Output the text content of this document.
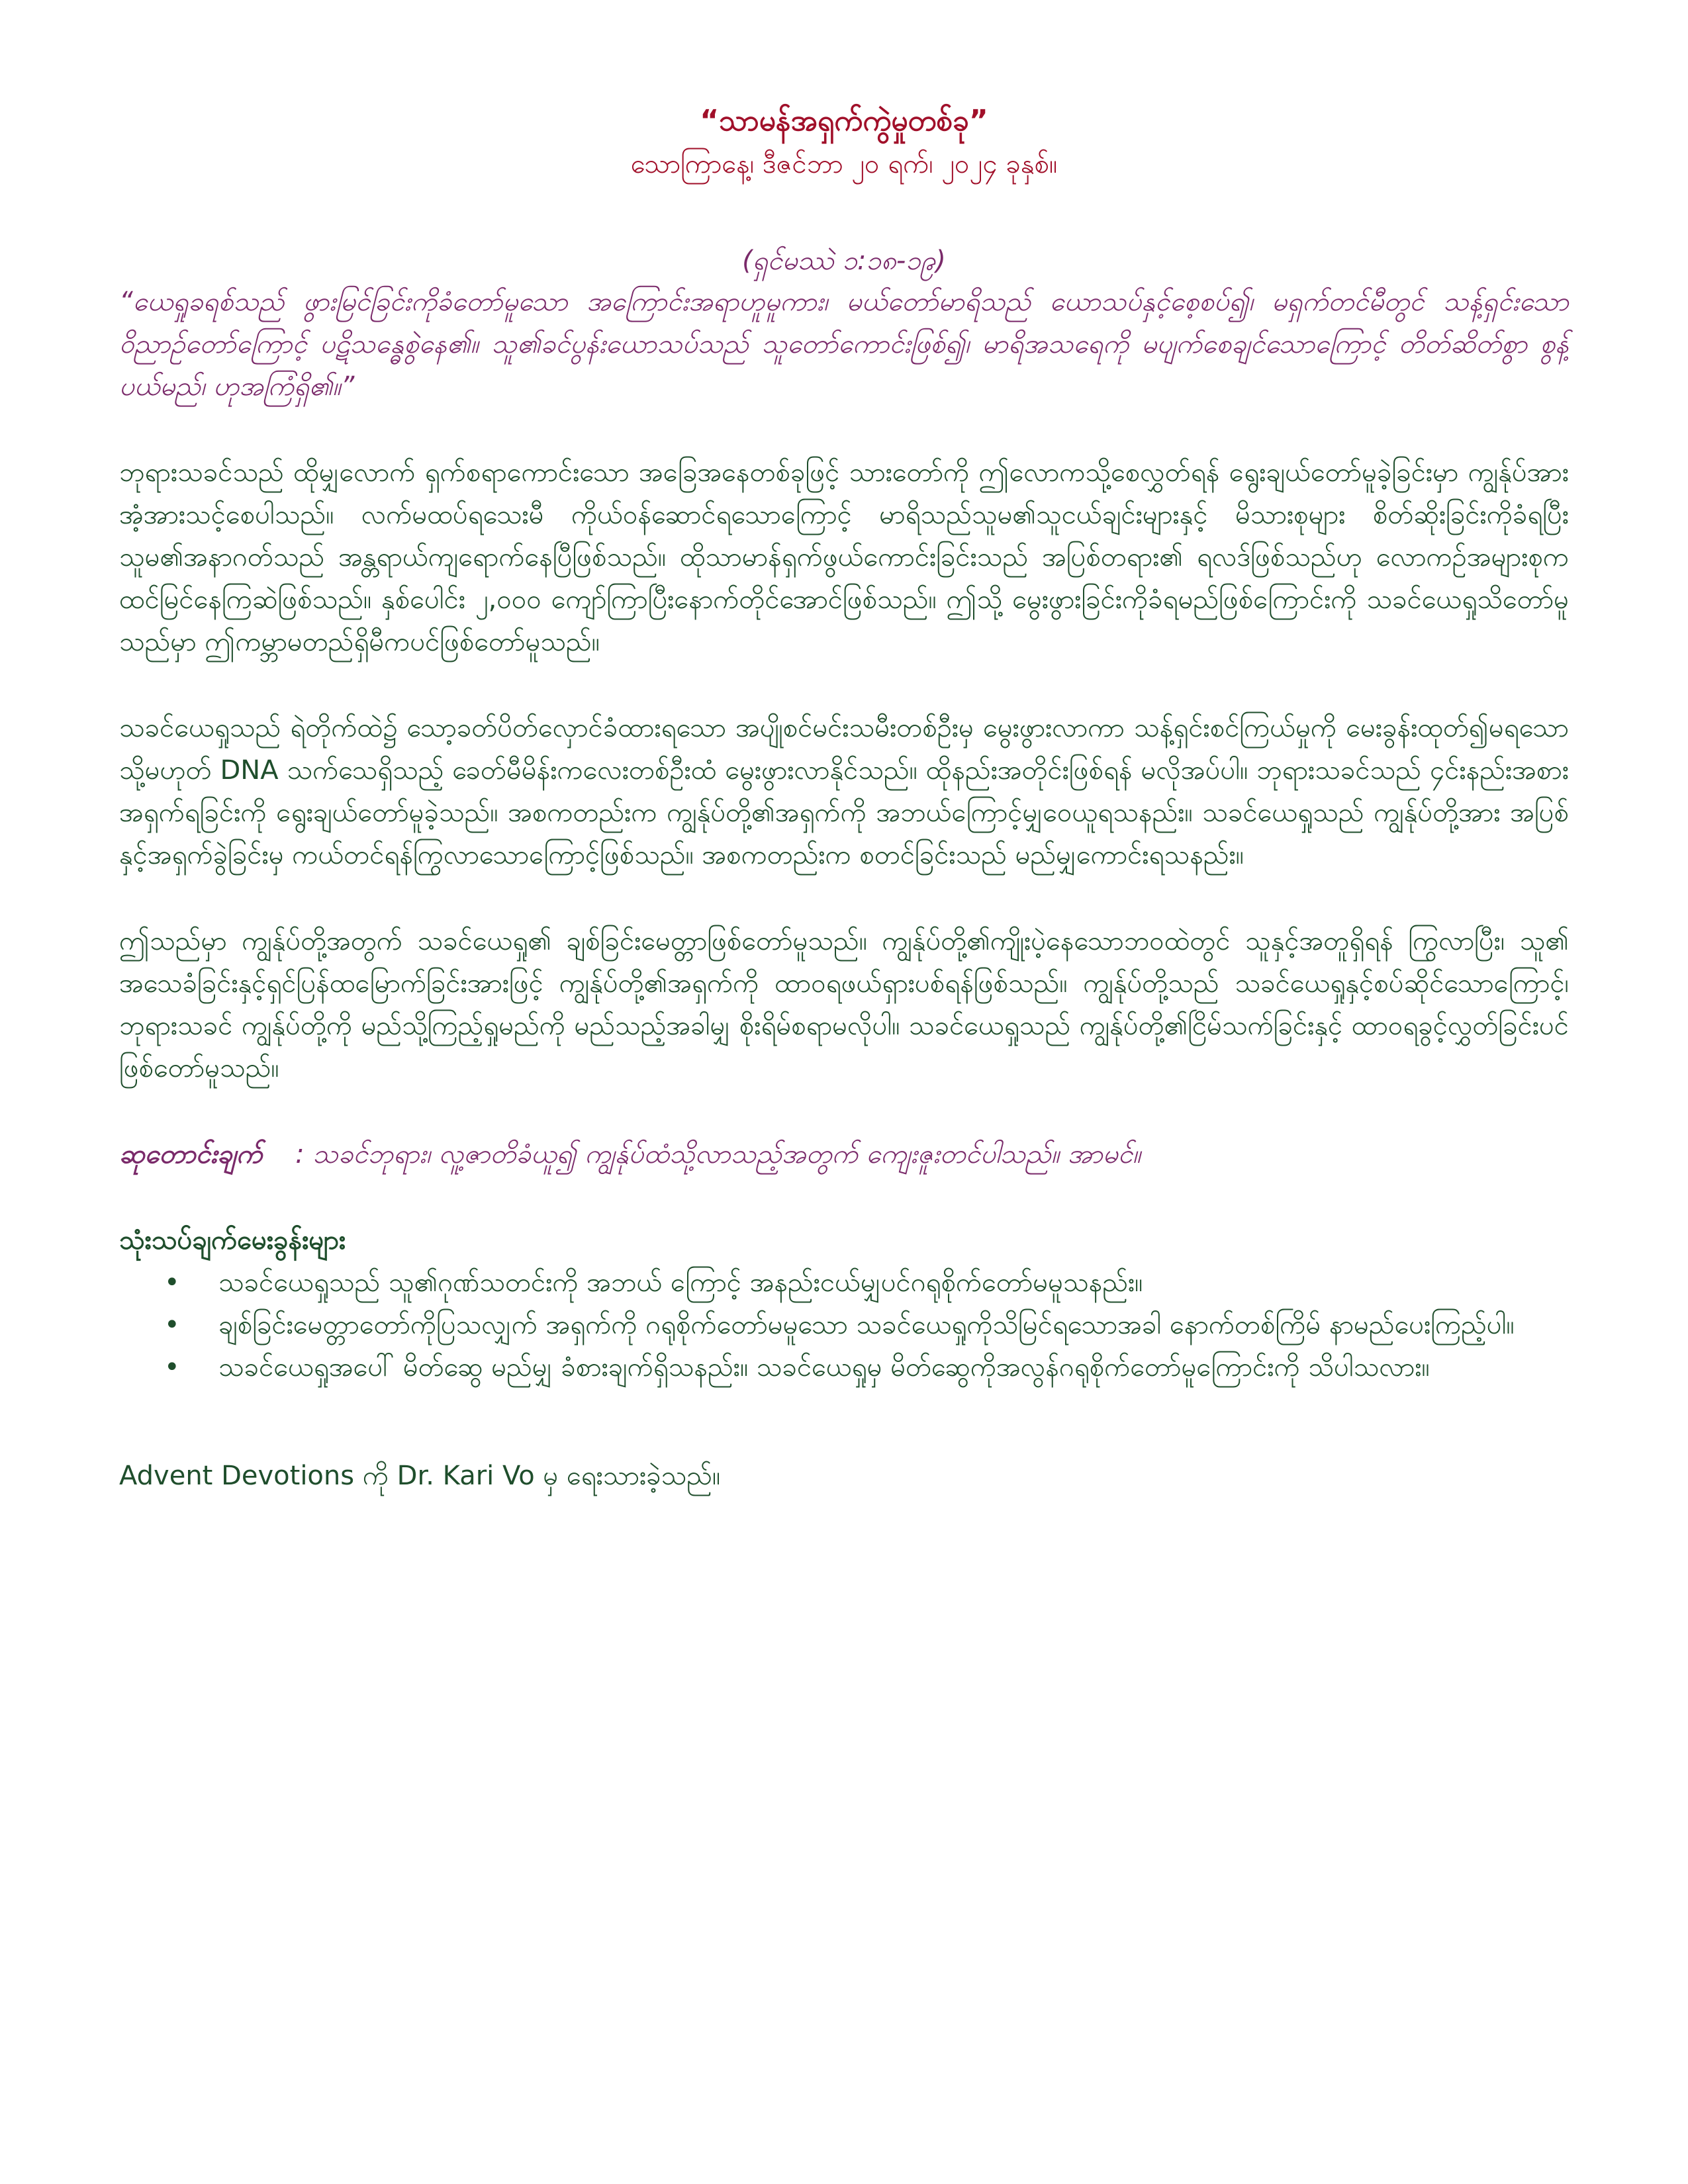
“သာမန်အရှက်ကွဲမှုတစ်ခု”

သောကြာနေ့၊ ဒီဇင်ဘာ ၂၀ ရက်၊ ၂၀၂၄ ခုနှစ်။

(ရှင်မဿဲ ၁:၁၈-၁၉)

“ယေရှုခရစ်သည် ဖွားမြင်ခြင်းကိုခံတော်မူသော အကြောင်းအရာဟူမူကား၊ မယ်တော်မာရိသည် ယောသပ်နှင့်စေ့စပ်၍၊ မရှက်တင်မီတွင် သန့်ရှင်းသောဝိညာဉ်တော်ကြောင့် ပဋိသန္ဓေစွဲနေ၏။ သူ၏ခင်ပွန်းယောသပ်သည် သူတော်ကောင်းဖြစ်၍၊ မာရိအသရေကို မပျက်စေချင်သောကြောင့် တိတ်ဆိတ်စွာ စွန့်ပယ်မည်၊ ဟုအကြံရှိ၏။”

ဘုရားသခင်သည် ထိုမျှလောက် ရှက်စရာကောင်းသော အခြေအနေတစ်ခုဖြင့် သားတော်ကို ဤလောကသို့စေလွှတ်ရန် ရွေးချယ်တော်မူခဲ့ခြင်းမှာ ကျွန်ုပ်အား အံ့အားသင့်စေပါသည်။ လက်မထပ်ရသေးမီ ကိုယ်ဝန်ဆောင်ရသောကြောင့် မာရိသည်သူမ၏သူငယ်ချင်းများနှင့် မိသားစုများ စိတ်ဆိုးခြင်းကိုခံရပြီး သူမ၏အနာဂတ်သည် အန္တရာယ်ကျရောက်နေပြီဖြစ်သည်။ ထိုသာမာန်ရှက်ဖွယ်ကောင်းခြင်းသည် အပြစ်တရား၏ ရလဒ်ဖြစ်သည်ဟု လောကဥ်အများစုက ထင်မြင်နေကြဆဲဖြစ်သည်။ နှစ်ပေါင်း ၂,၀၀၀ ကျော်ကြာပြီးနောက်တိုင်အောင်ဖြစ်သည်။ ဤသို့ မွေးဖွားခြင်းကိုခံရမည်ဖြစ်ကြောင်းကို သခင်ယေရှုသိတော်မူသည်မှာ ဤကမ္ဘာမတည်ရှိမီကပင်ဖြစ်တော်မူသည်။

သခင်ယေရှုသည် ရဲတိုက်ထဲ၌ သော့ခတ်ပိတ်လှောင်ခံထားရသော အပျိုစင်မင်းသမီးတစ်ဦးမှ မွေးဖွားလာကာ သန့်ရှင်းစင်ကြယ်မှုကို မေးခွန်းထုတ်၍မရသော သို့မဟုတ် DNA သက်သေရှိသည့် ခေတ်မီမိန်းကလေးတစ်ဦးထံ မွေးဖွားလာနိုင်သည်။ ထိုနည်းအတိုင်းဖြစ်ရန် မလိုအပ်ပါ။ ဘုရားသခင်သည် ၄င်းနည်းအစား အရှက်ရခြင်းကို ရွေးချယ်တော်မူခဲ့သည်။ အစကတည်းက ကျွန်ုပ်တို့၏အရှက်ကို အဘယ်ကြောင့်မျှဝေယူရသနည်း။ သခင်ယေရှုသည် ကျွန်ုပ်တို့အား အပြစ်နှင့်အရှက်ခွဲခြင်းမှ ကယ်တင်ရန်ကြွလာသောကြောင့်ဖြစ်သည်။ အစကတည်းက စတင်ခြင်းသည် မည်မျှကောင်းရသနည်း။

ဤသည်မှာ ကျွန်ုပ်တို့အတွက် သခင်ယေရှု၏ ချစ်ခြင်းမေတ္တာဖြစ်တော်မူသည်။ ကျွန်ုပ်တို့၏ကျိုးပဲ့နေသောဘဝထဲတွင် သူနှင့်အတူရှိရန် ကြွလာပြီး၊ သူ၏ အသေခံခြင်းနှင့်ရှင်ပြန်ထမြောက်ခြင်းအားဖြင့် ကျွန်ုပ်တို့၏အရှက်ကို ထာဝရဖယ်ရှားပစ်ရန်ဖြစ်သည်။ ကျွန်ုပ်တို့သည် သခင်ယေရှုနှင့်စပ်ဆိုင်သောကြောင့်၊ ဘုရားသခင် ကျွန်ုပ်တို့ကို မည်သို့ကြည့်ရှုမည်ကို မည်သည့်အခါမျှ စိုးရိမ်စရာမလိုပါ။ သခင်ယေရှုသည် ကျွန်ုပ်တို့၏ငြိမ်သက်ခြင်းနှင့် ထာဝရခွင့်လွှတ်ခြင်းပင်ဖြစ်တော်မူသည်။

ဆုတောင်းချက် : သခင်ဘုရား၊ လူ့ဇာတိခံယူ၍ ကျွန်ုပ်ထံသို့လာသည့်အတွက် ကျေးဇူးတင်ပါသည်။ အာမင်။

သုံးသပ်ချက်မေးခွန်းများ

• သခင်ယေရှုသည် သူ၏ဂုဏ်သတင်းကို အဘယ် ကြောင့် အနည်းငယ်မျှပင်ဂရုစိုက်တော်မမူသနည်း။
• ချစ်ခြင်းမေတ္တာတော်ကိုပြသလျှက် အရှက်ကို ဂရုစိုက်တော်မမူသော သခင်ယေရှုကိုသိမြင်ရသောအခါ နောက်တစ်ကြိမ် နာမည်ပေးကြည့်ပါ။
• သခင်ယေရှုအပေါ် မိတ်ဆွေ မည်မျှ ခံစားချက်ရှိသနည်း။ သခင်ယေရှုမှ မိတ်ဆွေကိုအလွန်ဂရုစိုက်တော်မူကြောင်းကို သိပါသလား။

Advent Devotions ကို Dr. Kari Vo မှ ရေးသားခဲ့သည်။
